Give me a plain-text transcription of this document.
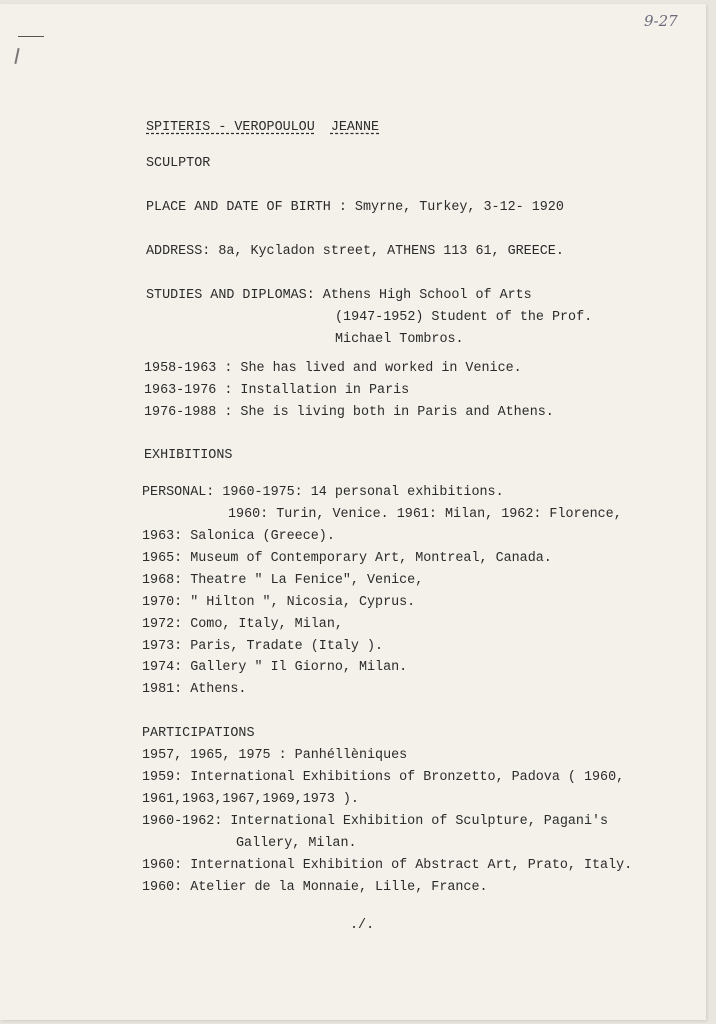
9-27
SPITERIS - VEROPOULOU JEANNE
SCULPTOR
PLACE AND DATE OF BIRTH : Smyrne, Turkey, 3-12- 1920
ADDRESS: 8a, Kycladon street, ATHENS 113 61, GREECE.
STUDIES AND DIPLOMAS: Athens High School of Arts
(1947-1952) Student of the Prof.
Michael Tombros.
1958-1963 : She has lived and worked in Venice.
1963-1976 : Installation in Paris
1976-1988 : She is living both in Paris and Athens.
EXHIBITIONS
PERSONAL: 1960-1975: 14 personal exhibitions.
1960: Turin, Venice. 1961: Milan, 1962: Florence,
1963: Salonica (Greece).
1965: Museum of Contemporary Art, Montreal, Canada.
1968: Theatre " La Fenice", Venice,
1970: " Hilton ", Nicosia, Cyprus.
1972: Como, Italy, Milan,
1973: Paris, Tradate (Italy ).
1974: Gallery " Il Giorno, Milan.
1981: Athens.
PARTICIPATIONS
1957, 1965, 1975 : Panhéllèniques
1959: International Exhibitions of Bronzetto, Padova ( 1960,
1961,1963,1967,1969,1973 ).
1960-1962: International Exhibition of Sculpture, Pagani's
Gallery, Milan.
1960: International Exhibition of Abstract Art, Prato, Italy.
1960: Atelier de la Monnaie, Lille, France.
./.
